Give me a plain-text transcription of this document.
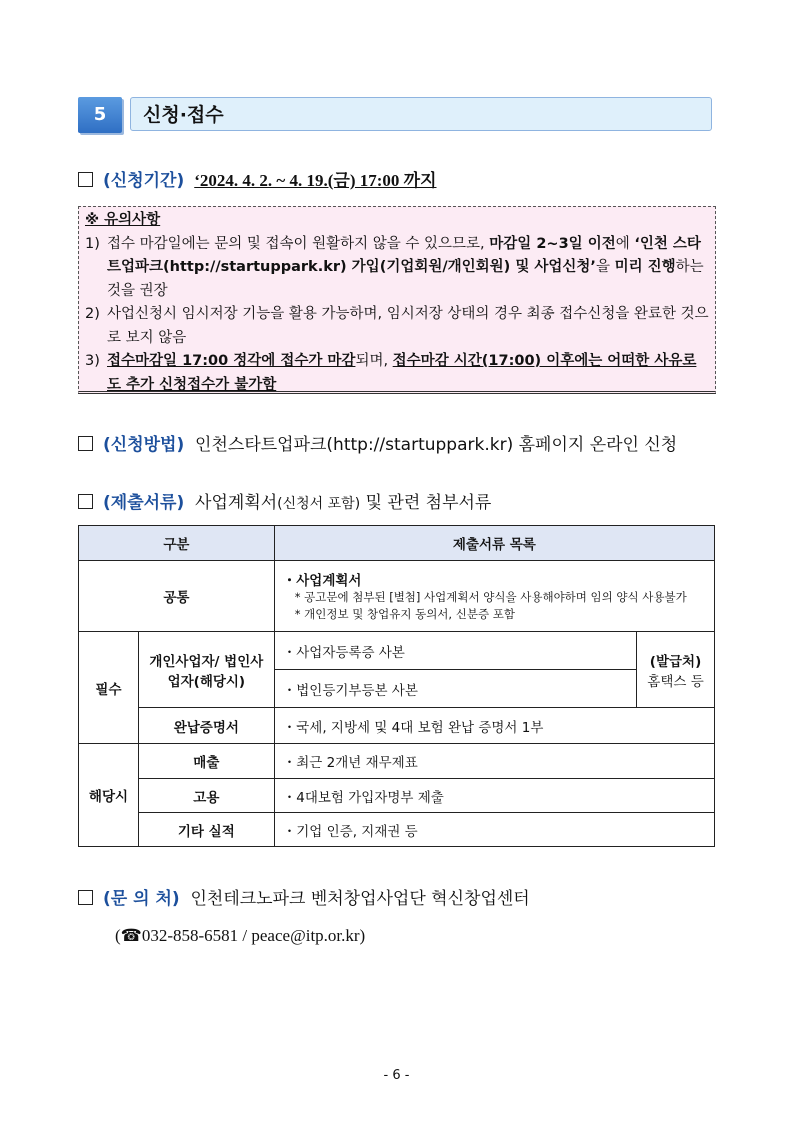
5	신청·접수
(신청기간) ‘2024. 4. 2. ~ 4. 19.(금) 17:00 까지
※ 유의사항
1) 접수 마감일에는 문의 및 접속이 원활하지 않을 수 있으므로, 마감일 2~3일 이전에 ‘인천 스타트업파크(http://startuppark.kr) 가입(기업회원/개인회원) 및 사업신청’을 미리 진행하는 것을 권장
2) 사업신청시 임시저장 기능을 활용 가능하며, 임시저장 상태의 경우 최종 접수신청을 완료한 것으로 보지 않음
3) 접수마감일 17:00 정각에 접수가 마감되며, 접수마감 시간(17:00) 이후에는 어떠한 사유로도 추가 신청접수가 불가함
(신청방법) 인천스타트업파크(http://startuppark.kr) 홈페이지 온라인 신청
(제출서류) 사업계획서(신청서 포함) 및 관련 첨부서류
구분		제출서류 목록	
공통		・사업계획서
* 공고문에 첨부된 [별첨] 사업계획서 양식을 사용해야하며 임의 양식 사용불가
* 개인정보 및 창업유지 동의서, 신분증 포함	

필수	개인사업자/ 법인사업자(해당시)	・사업자등록증 사본	(발급처)
홈택스 등

		・법인등기부등본 사본	
	완납증명서	・국세, 지방세 및 4대 보험 완납 증명서 1부	
해당시	매출	・최근 2개년 재무제표	
	고용	・4대보험 가입자명부 제출	
	기타 실적	・기업 인증, 지재권 등	
(문 의 처) 인천테크노파크 벤처창업사업단 혁신창업센터
(☎032-858-6581 / peace@itp.or.kr)
- 6 -
